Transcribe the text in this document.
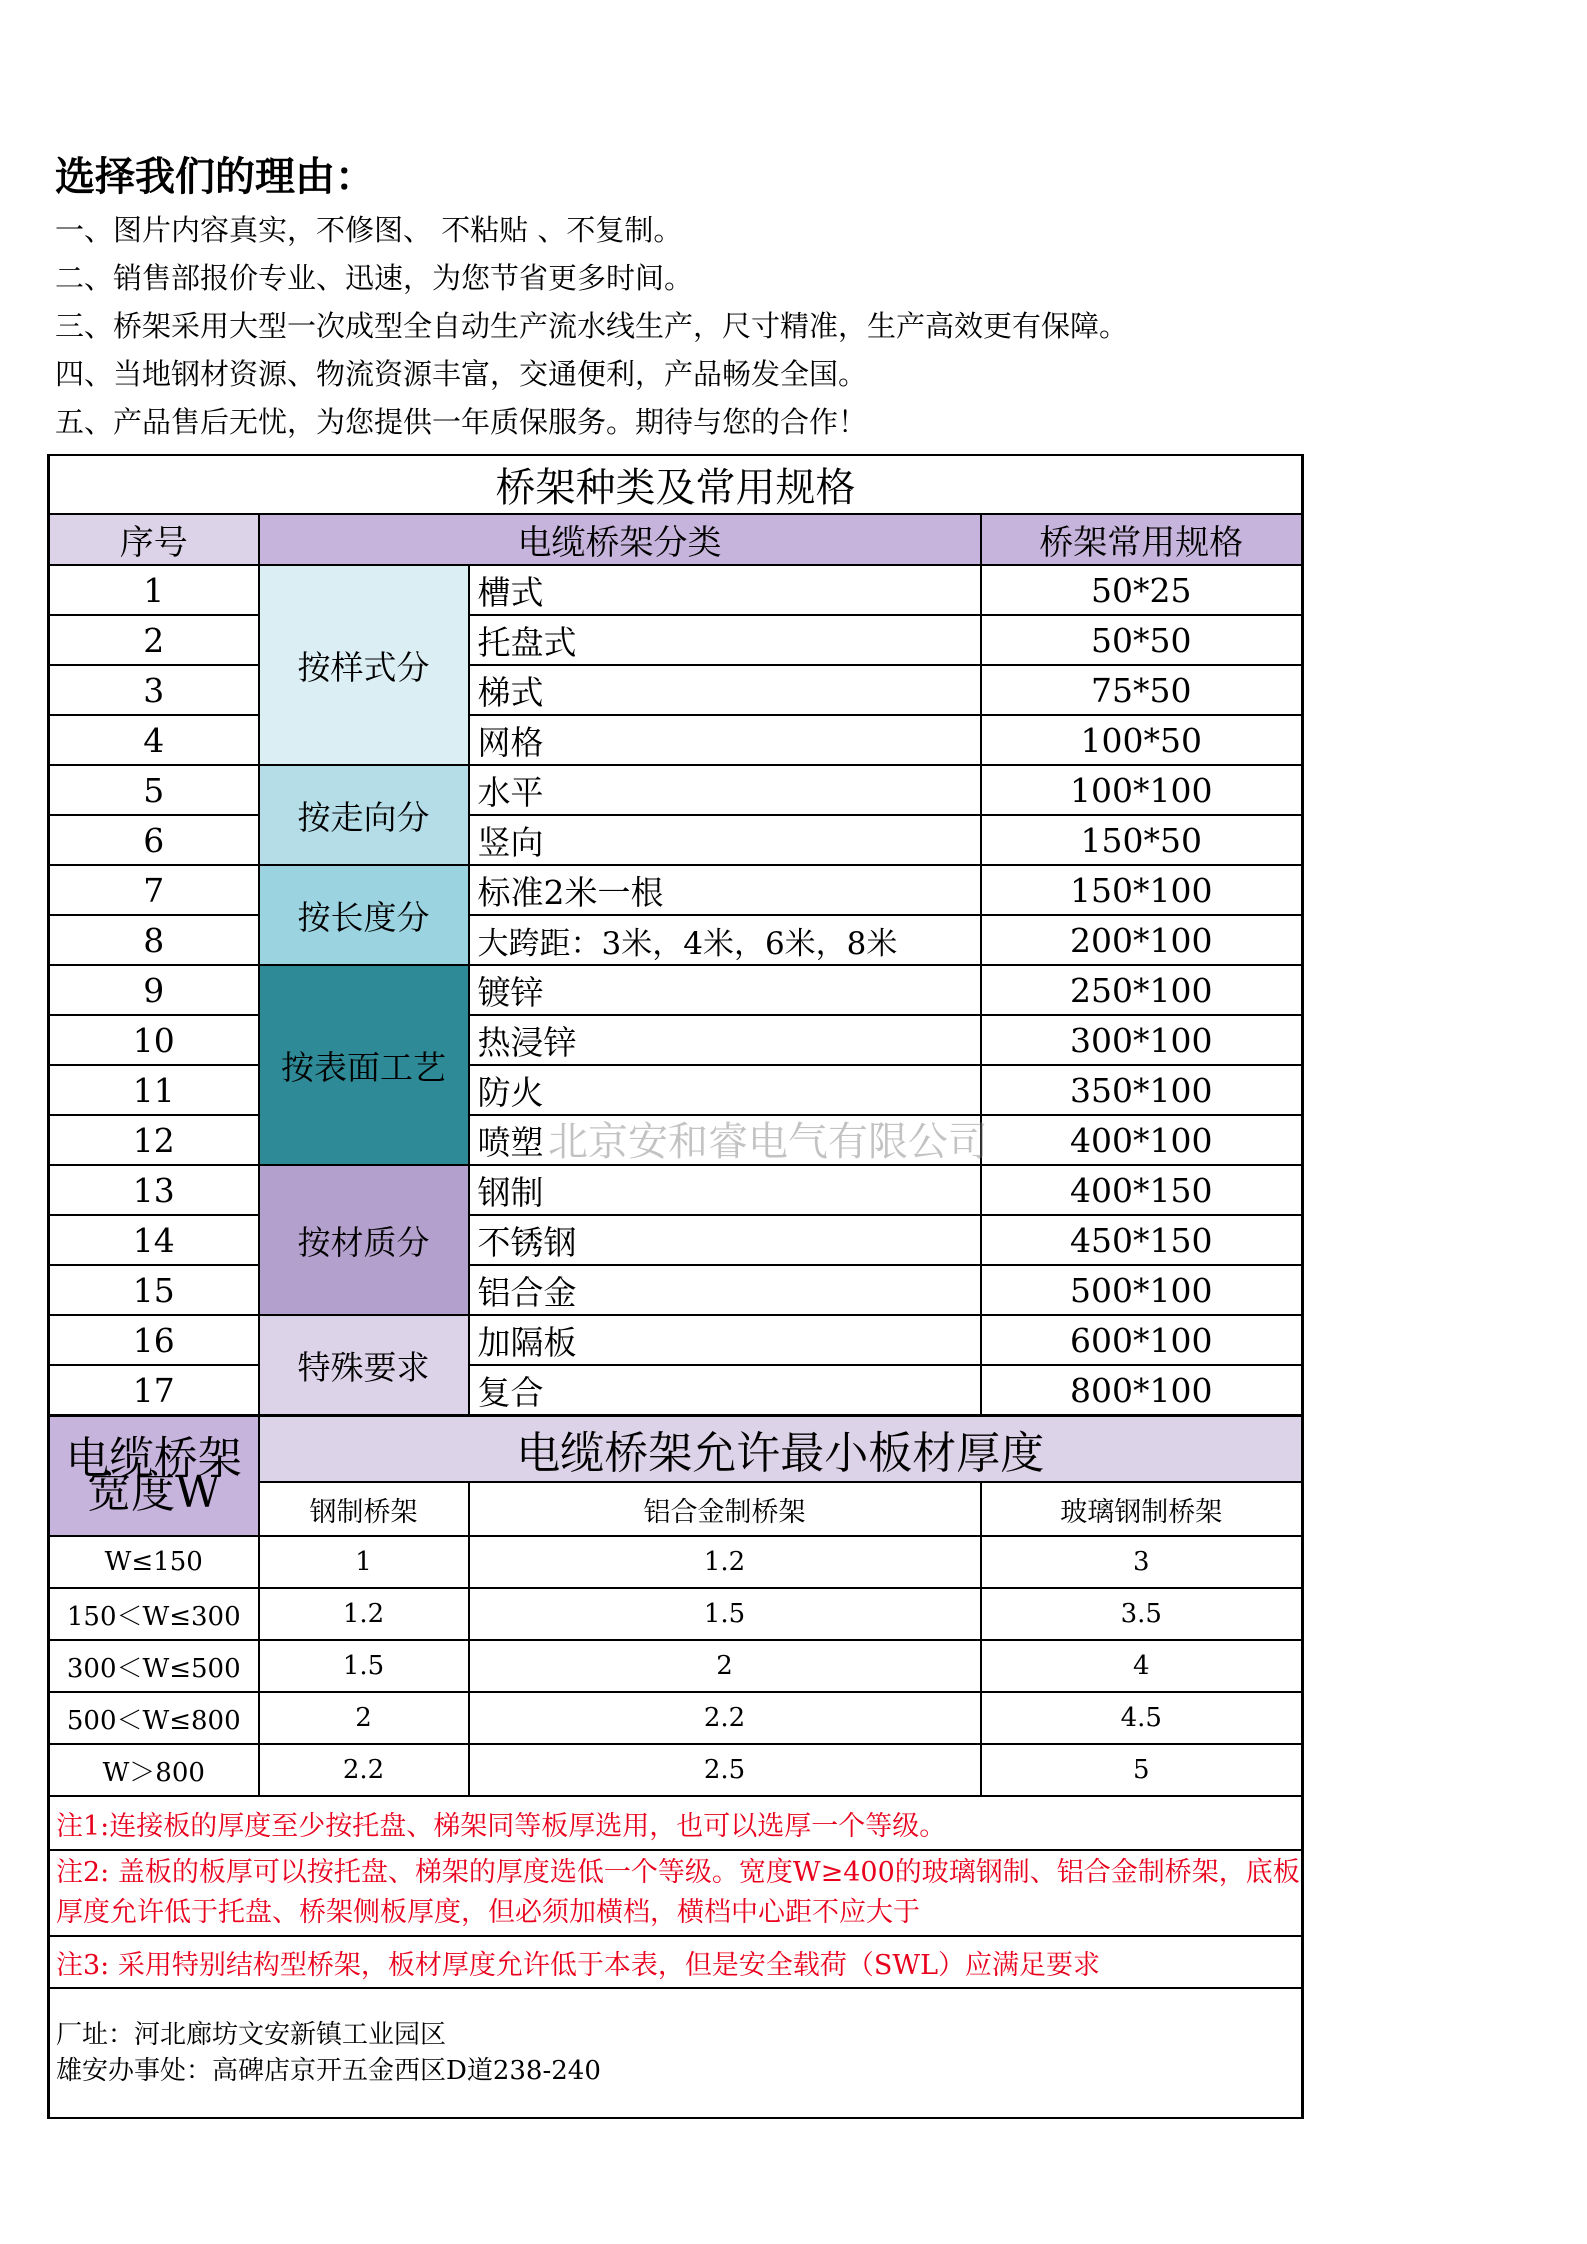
选择我们的理由：
一、图片内容真实，不修图、 不粘贴 、不复制。
二、销售部报价专业、迅速，为您节省更多时间。
三、桥架采用大型一次成型全自动生产流水线生产，尺寸精准，生产高效更有保障。
四、当地钢材资源、物流资源丰富，交通便利，产品畅发全国。
五、产品售后无忧，为您提供一年质保服务。期待与您的合作！
桥架种类及常用规格			
序号	电缆桥架分类		桥架常用规格
1	按样式分	槽式	50*25
2		托盘式	50*50
3		梯式	75*50
4		网格	100*50
5	按走向分	水平	100*100
6		竖向	150*50
7	按长度分	标准2米一根	150*100
8		大跨距：3米，4米，6米，8米	200*100
9	按表面工艺	镀锌	250*100
10		热浸锌	300*100
11		防火	350*100
12		喷塑	400*100
13	按材质分	钢制	400*150
14		不锈钢	450*150
15		铝合金	500*100
16	特殊要求	加隔板	600*100
17		复合	800*100
电缆桥架宽度W	电缆桥架允许最小板材厚度		
	钢制桥架	铝合金制桥架	玻璃钢制桥架
W≤150	1	1.2	3
150＜W≤300	1.2	1.5	3.5
300＜W≤500	1.5	2	4
500＜W≤800	2	2.2	4.5
W＞800	2.2	2.5	5
注1:连接板的厚度至少按托盘、梯架同等板厚选用，也可以选厚一个等级。			
注2: 盖板的板厚可以按托盘、梯架的厚度选低一个等级。宽度W≥400的玻璃钢制、铝合金制桥架，底板厚度允许低于托盘、桥架侧板厚度，但必须加横档，横档中心距不应大于			
注3: 采用特别结构型桥架，板材厚度允许低于本表，但是安全载荷（SWL）应满足要求			

厂址：河北廊坊文安新镇工业园区
雄安办事处：高碑店京开五金西区D道238-240			
北京安和睿电气有限公司
